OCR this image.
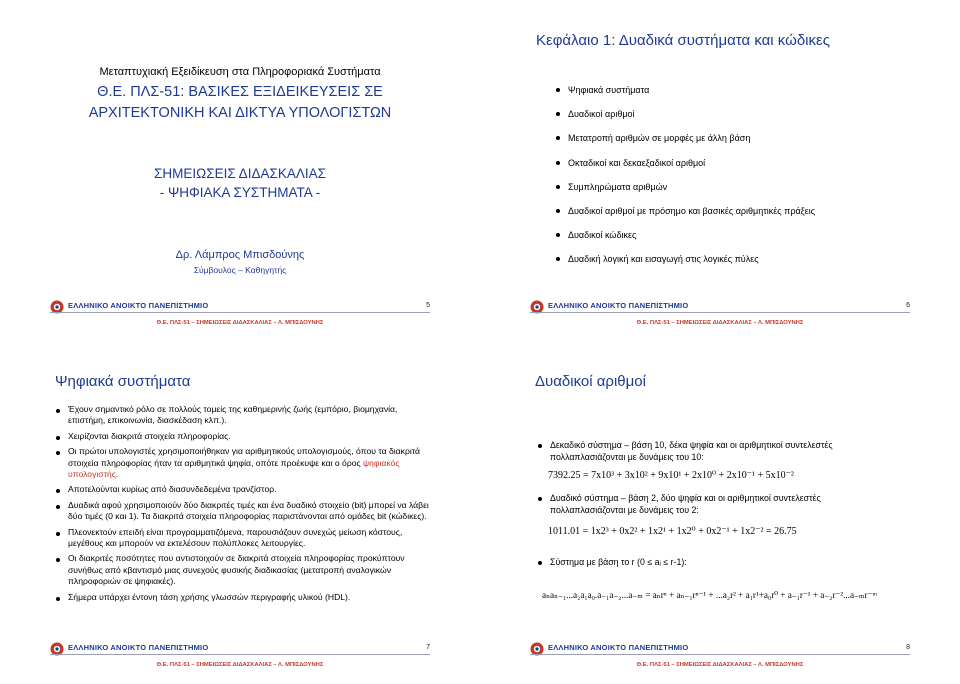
Μεταπτυχιακή Εξειδίκευση στα Πληροφοριακά Συστήματα
Θ.Ε. ΠΛΣ-51: ΒΑΣΙΚΕΣ ΕΞΙΔΕΙΚΕΥΣΕΙΣ ΣΕ
ΑΡΧΙΤΕΚΤΟΝΙΚΗ ΚΑΙ ΔΙΚΤΥΑ ΥΠΟΛΟΓΙΣΤΩΝ
ΣΗΜΕΙΩΣΕΙΣ ΔΙΔΑΣΚΑΛΙΑΣ
- ΨΗΦΙΑΚΑ ΣΥΣΤΗΜΑΤΑ -
Δρ. Λάμπρος Μπισδούνης
Σύμβουλος – Καθηγητής
ΕΛΛΗΝΙΚΟ ΑΝΟΙΚΤΟ ΠΑΝΕΠΙΣΤΗΜΙΟ	5
Θ.Ε. ΠΛΣ-51 – ΣΗΜΕΙΩΣΕΙΣ ΔΙΔΑΣΚΑΛΙΑΣ – Λ. ΜΠΙΣΔΟΥΝΗΣ
Κεφάλαιο 1: Δυαδικά συστήματα και κώδικες
Ψηφιακά συστήματα
Δυαδικοί αριθμοί
Μετατροπή αριθμών σε μορφές με άλλη βάση
Οκταδικοί και δεκαεξαδικοί αριθμοί
Συμπληρώματα αριθμών
Δυαδικοί αριθμοί με πρόσημο και βασικές αριθμητικές πράξεις
Δυαδικοί κώδικες
Δυαδική λογική και εισαγωγή στις λογικές πύλες
ΕΛΛΗΝΙΚΟ ΑΝΟΙΚΤΟ ΠΑΝΕΠΙΣΤΗΜΙΟ	6
Θ.Ε. ΠΛΣ-51 – ΣΗΜΕΙΩΣΕΙΣ ΔΙΔΑΣΚΑΛΙΑΣ – Λ. ΜΠΙΣΔΟΥΝΗΣ
Ψηφιακά συστήματα
Έχουν σημαντικό ρόλο σε πολλούς τομείς της καθημερινής ζωής (εμπόριο, βιομηχανία, επιστήμη, επικοινωνία, διασκέδαση κλπ.).
Χειρίζονται διακριτά στοιχεία πληροφορίας.
Οι πρώτοι υπολογιστές χρησιμοποιήθηκαν για αριθμητικούς υπολογισμούς, όπου τα διακριτά στοιχεία πληροφορίας ήταν τα αριθμητικά ψηφία, οπότε προέκυψε και ο όρος ψηφιακός υπολογιστής.
Αποτελούνται κυρίως από διασυνδεδεμένα τρανζίστορ.
Δυαδικά αφού χρησιμοποιούν δύο διακριτές τιμές και ένα δυαδικό στοιχείο (bit) μπορεί να λάβει δύο τιμές (0 και 1). Τα διακριτά στοιχεία πληροφορίας παριστάνονται από ομάδες bit (κώδικες).
Πλεονεκτούν επειδή είναι προγραμματιζόμενα, παρουσιάζουν συνεχώς μείωση κόστους, μεγέθους και μπορούν να εκτελέσουν πολύπλοκες λειτουργίες.
Οι διακριτές ποσότητες που αντιστοιχούν σε διακριτά στοιχεία πληροφορίας προκύπτουν συνήθως από κβαντισμό μιας συνεχούς φυσικής διαδικασίας (μετατροπή αναλογικών πληροφοριών σε ψηφιακές).
Σήμερα υπάρχει έντονη τάση χρήσης γλωσσών περιγραφής υλικού (HDL).
ΕΛΛΗΝΙΚΟ ΑΝΟΙΚΤΟ ΠΑΝΕΠΙΣΤΗΜΙΟ	7
Θ.Ε. ΠΛΣ-51 – ΣΗΜΕΙΩΣΕΙΣ ΔΙΔΑΣΚΑΛΙΑΣ – Λ. ΜΠΙΣΔΟΥΝΗΣ
Δυαδικοί αριθμοί
Δεκαδικό σύστημα – βάση 10, δέκα ψηφία και οι αριθμητικοί συντελεστές πολλαπλασιάζονται με δυνάμεις του 10:
7392.25 = 7x10³ + 3x10² + 9x10¹ + 2x10⁰ + 2x10⁻¹ + 5x10⁻²
Δυαδικό σύστημα – βάση 2, δύο ψηφία και οι αριθμητικοί συντελεστές πολλαπλασιάζονται με δυνάμεις του 2:
1011.01 = 1x2³ + 0x2² + 1x2¹ + 1x2⁰ + 0x2⁻¹ + 1x2⁻² = 26.75
Σύστημα με βάση το r (0 ≤ aᵢ ≤ r-1):
aₙaₙ₋₁...a₂a₁a₀.a₋₁a₋₂...a₋ₘ = aₙrⁿ + aₙ₋₁rⁿ⁻¹ + ...a₂r² + a₁r¹+a₀r⁰ + a₋₁r⁻¹ + a₋₂r⁻²...a₋ₘr⁻ᵐ
ΕΛΛΗΝΙΚΟ ΑΝΟΙΚΤΟ ΠΑΝΕΠΙΣΤΗΜΙΟ	8
Θ.Ε. ΠΛΣ-51 – ΣΗΜΕΙΩΣΕΙΣ ΔΙΔΑΣΚΑΛΙΑΣ – Λ. ΜΠΙΣΔΟΥΝΗΣ
